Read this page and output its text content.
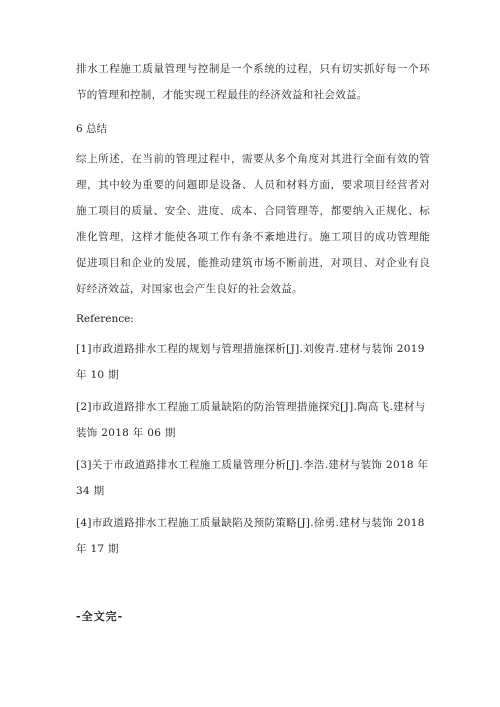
排水工程施工质量管理与控制是一个系统的过程，只有切实抓好每一个环节的管理和控制，才能实现工程最佳的经济效益和社会效益。

6 总结

综上所述，在当前的管理过程中，需要从多个角度对其进行全面有效的管理，其中较为重要的问题即是设备、人员和材料方面，要求项目经营者对施工项目的质量、安全、进度、成本、合同管理等，都要纳入正规化、标准化管理，这样才能使各项工作有条不紊地进行。施工项目的成功管理能促进项目和企业的发展，能推动建筑市场不断前进，对项目、对企业有良好经济效益，对国家也会产生良好的社会效益。

Reference:

[1]市政道路排水工程的规划与管理措施探析[J].刘俊青.建材与装饰 2019 年 10 期

[2]市政道路排水工程施工质量缺陷的防治管理措施探究[J].陶高飞.建材与装饰 2018 年 06 期

[3]关于市政道路排水工程施工质量管理分析[J].李浩.建材与装饰 2018 年 34 期

[4]市政道路排水工程施工质量缺陷及预防策略[J].徐勇.建材与装饰 2018 年 17 期

-全文完-
